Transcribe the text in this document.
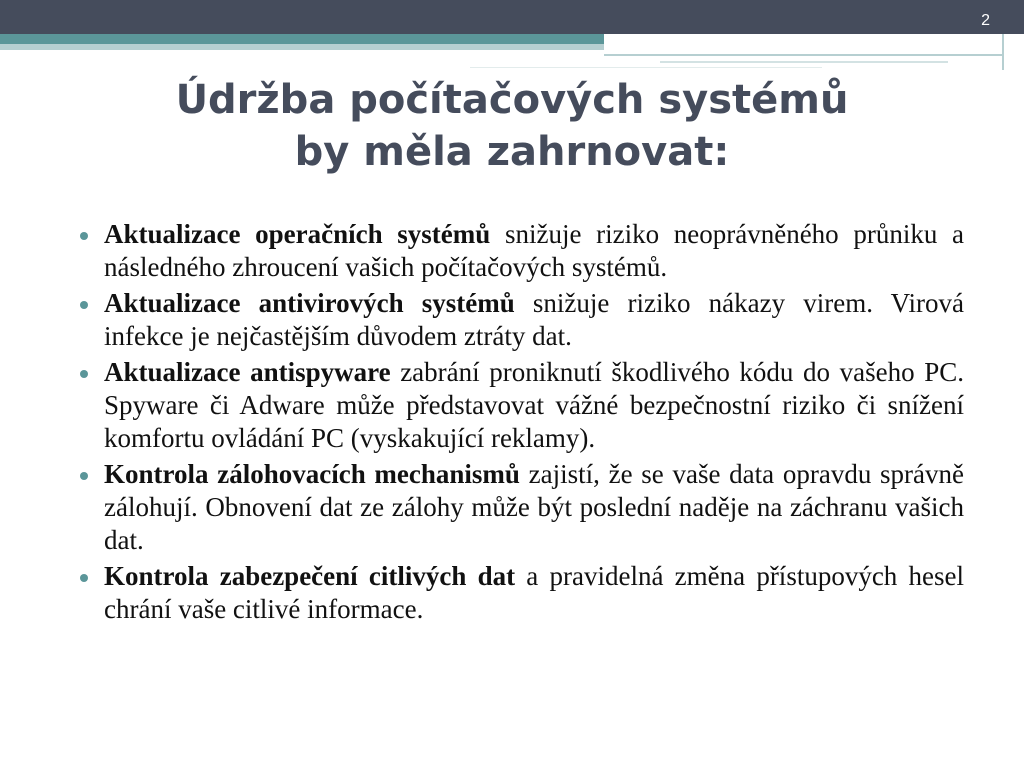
2
Údržba počítačových systémů
by měla zahrnovat:
Aktualizace operačních systémů snižuje riziko neoprávněného průniku a následného zhroucení vašich počítačových systémů.
Aktualizace antivirových systémů snižuje riziko nákazy virem. Virová infekce je nejčastějším důvodem ztráty dat.
Aktualizace antispyware zabrání proniknutí škodlivého kódu do vašeho PC. Spyware či Adware může představovat vážné bezpečnostní riziko či snížení komfortu ovládání PC (vyskakující reklamy).
Kontrola zálohovacích mechanismů zajistí, že se vaše data opravdu správně zálohují. Obnovení dat ze zálohy může být poslední naděje na záchranu vašich dat.
Kontrola zabezpečení citlivých dat a pravidelná změna přístupových hesel chrání vaše citlivé informace.
